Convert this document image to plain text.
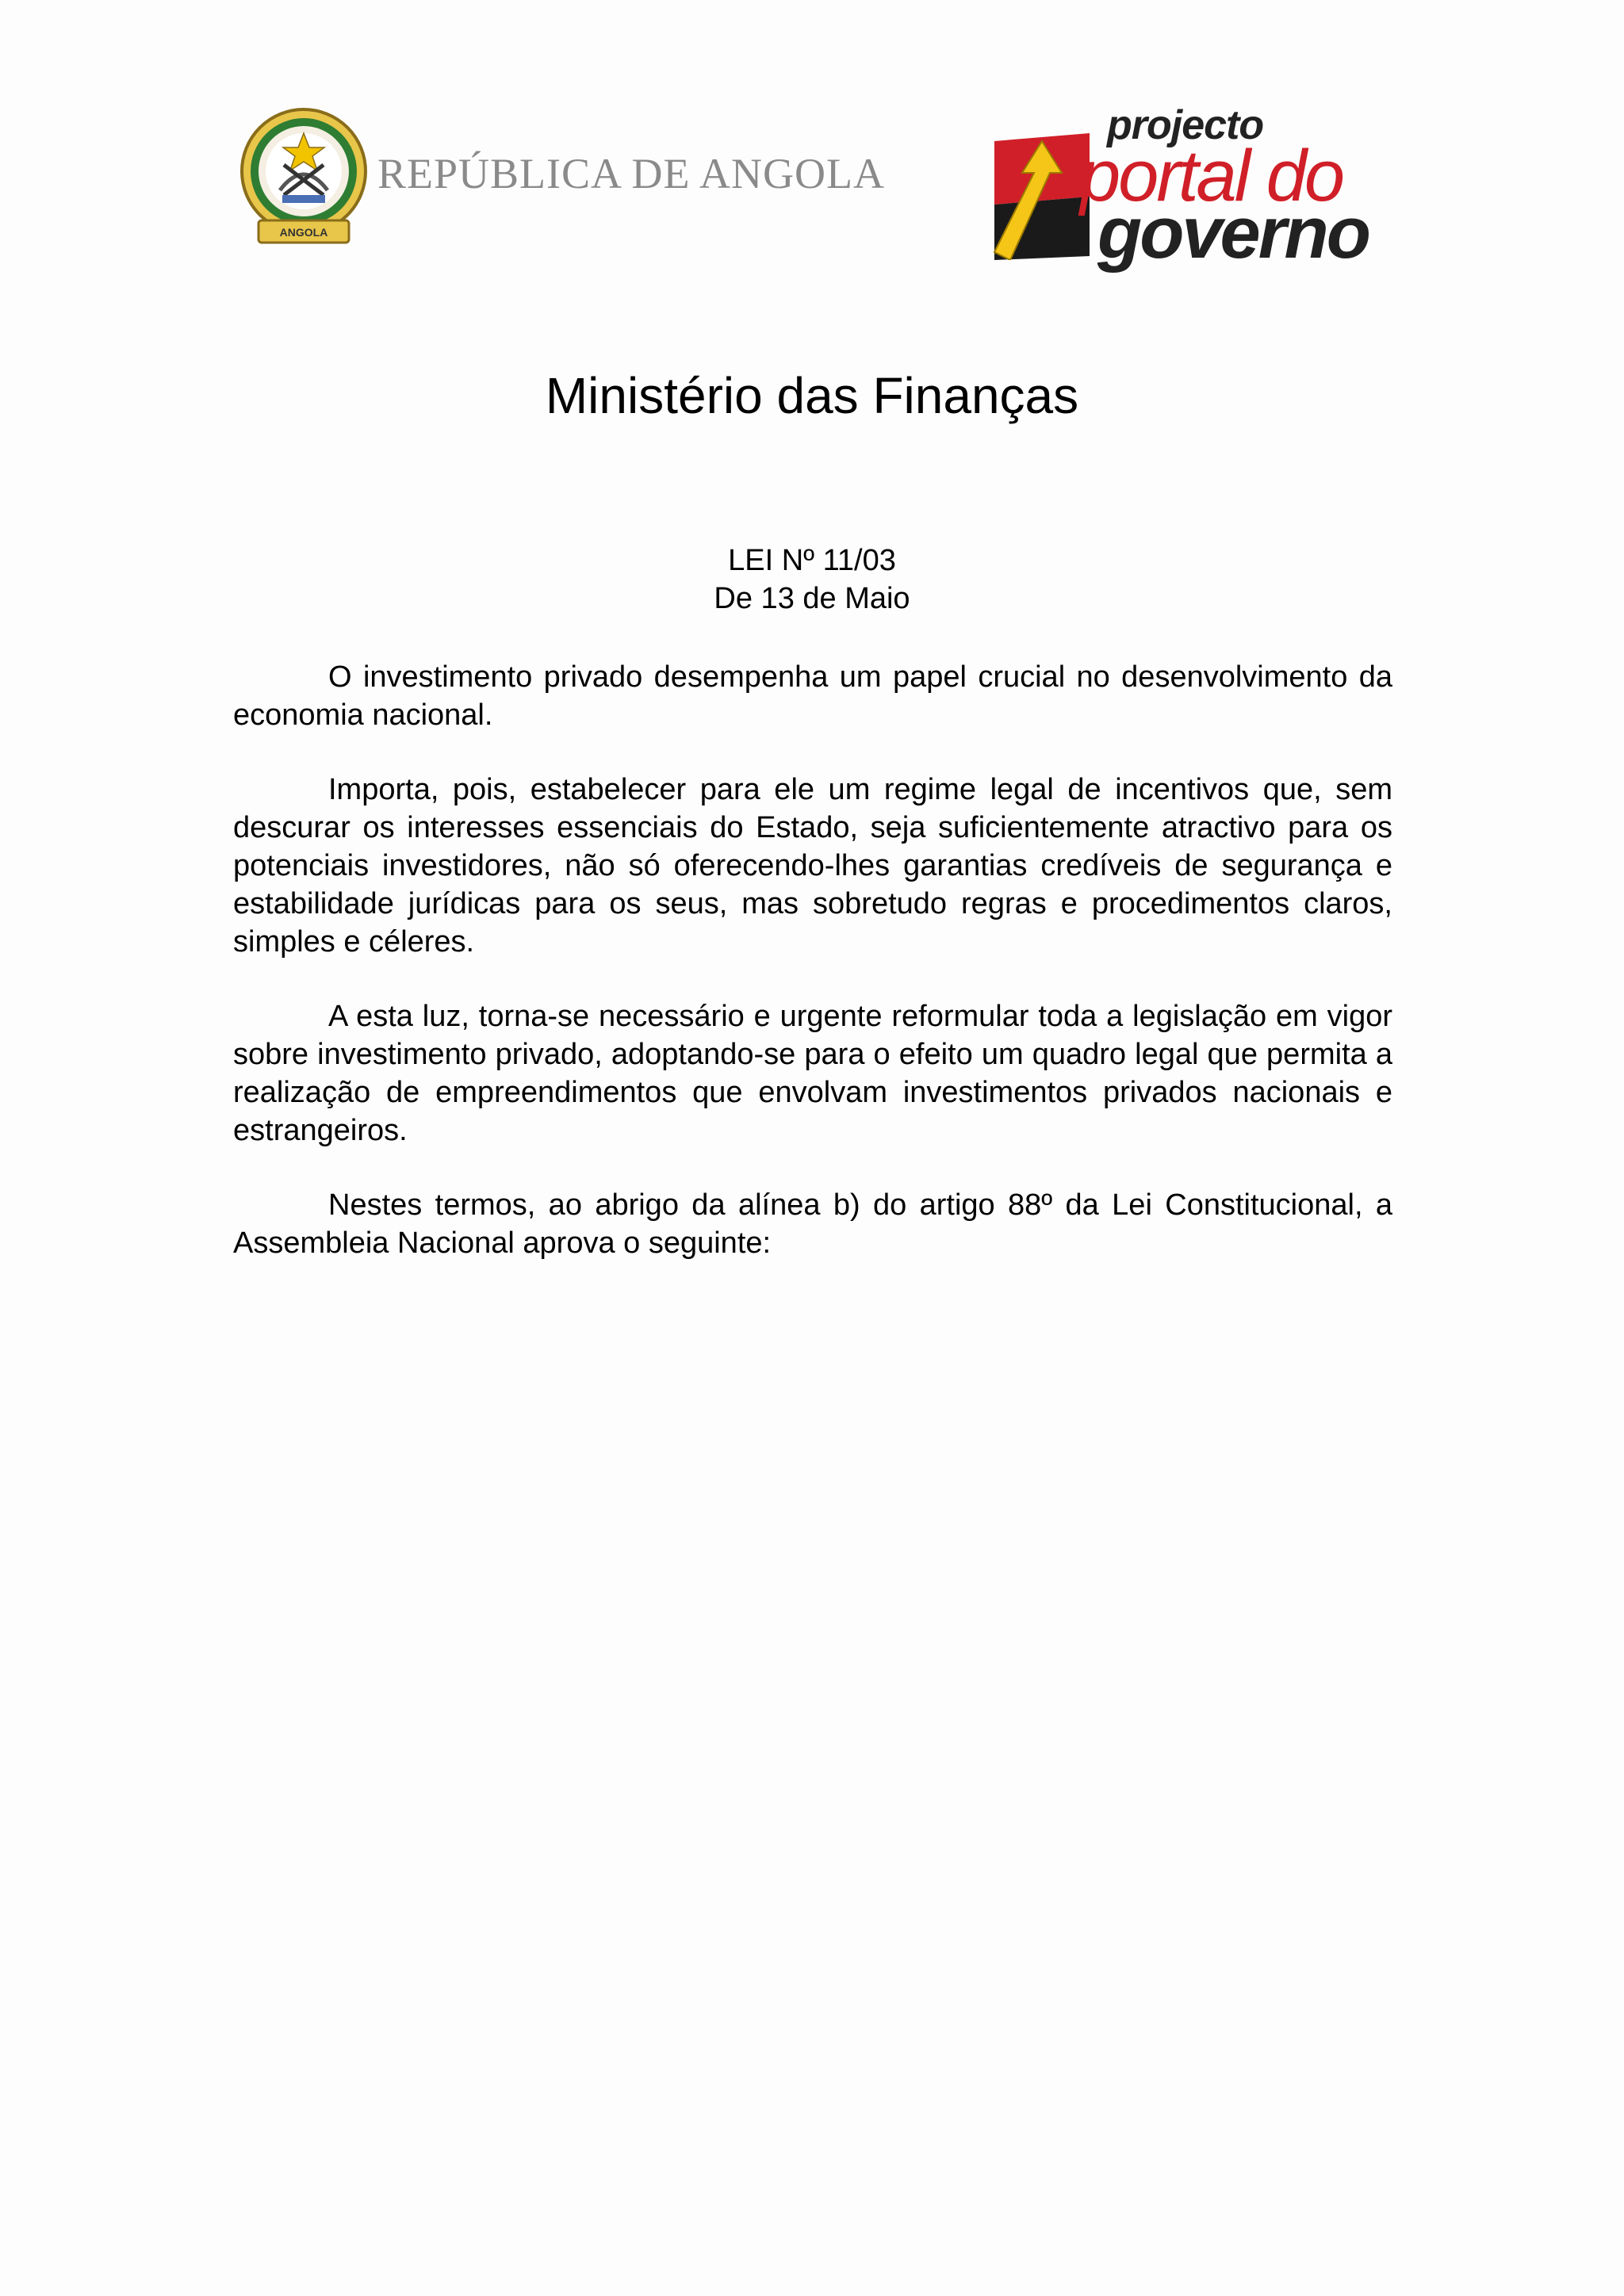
ANGOLA
REPÚBLICA DE ANGOLA
projecto
portal do
governo
Ministério das Finanças
LEI Nº 11/03
De 13 de Maio

O investimento privado desempenha um papel crucial no desenvolvimento da economia nacional.

Importa, pois, estabelecer para ele um regime legal de incentivos que, sem descurar os interesses essenciais do Estado, seja suficientemente atractivo para os potenciais investidores, não só oferecendo-lhes garantias credíveis de segurança e estabilidade jurídicas para os seus, mas sobretudo regras e procedimentos claros, simples e céleres.

A esta luz, torna-se necessário e urgente reformular toda a legislação em vigor sobre investimento privado, adoptando-se para o efeito um quadro legal que permita a realização de empreendimentos que envolvam investimentos privados nacionais e estrangeiros.

Nestes termos, ao abrigo da alínea b) do artigo 88º da Lei Constitucional, a Assembleia Nacional aprova o seguinte:
